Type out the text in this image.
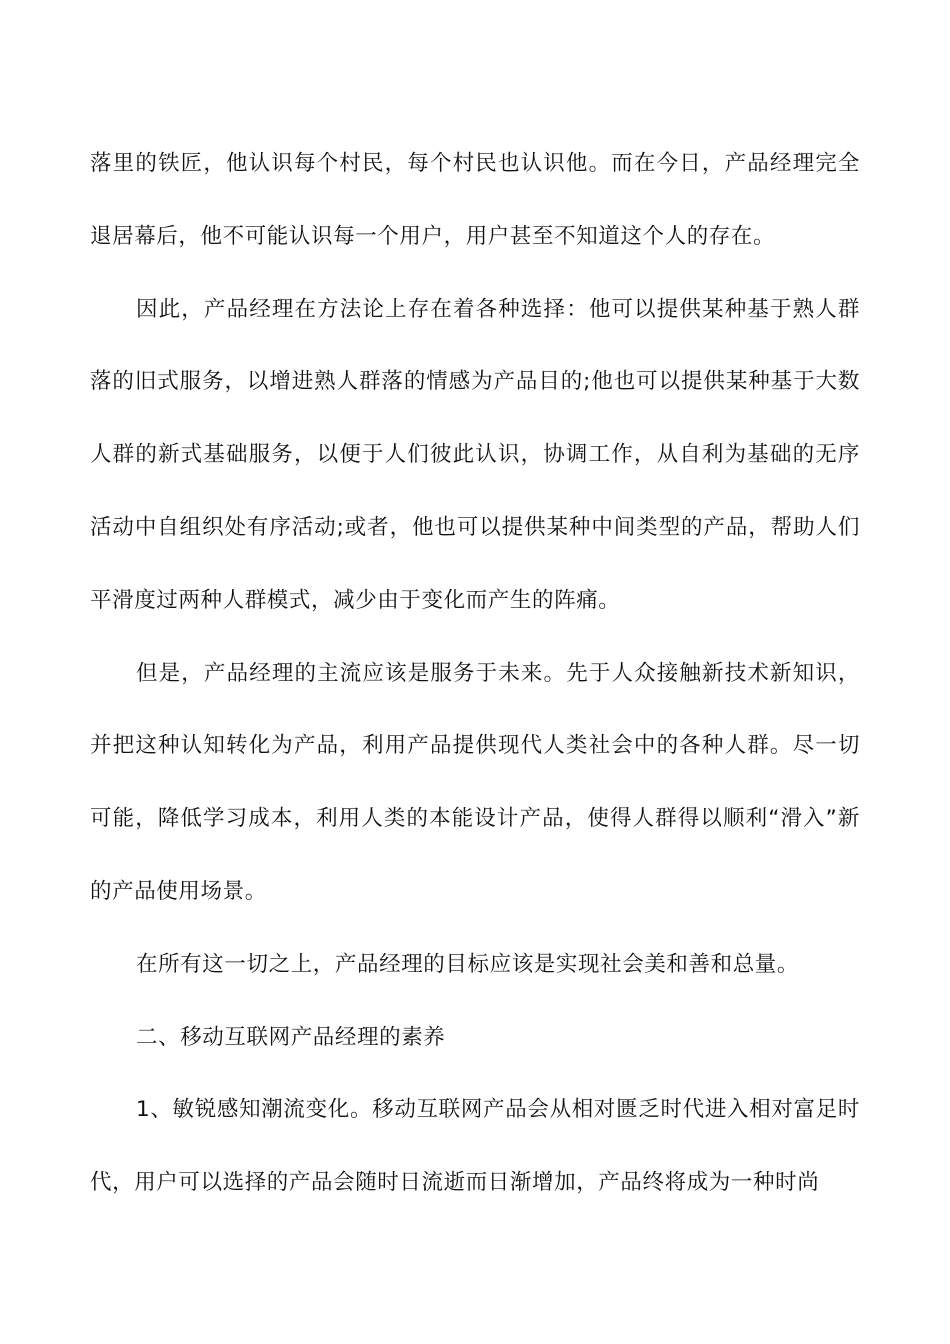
落里的铁匠，他认识每个村民，每个村民也认识他。而在今日，产品经理完全退居幕后，他不可能认识每一个用户，用户甚至不知道这个人的存在。

因此，产品经理在方法论上存在着各种选择：他可以提供某种基于熟人群落的旧式服务，以增进熟人群落的情感为产品目的;他也可以提供某种基于大数人群的新式基础服务，以便于人们彼此认识，协调工作，从自利为基础的无序活动中自组织处有序活动;或者，他也可以提供某种中间类型的产品，帮助人们平滑度过两种人群模式，减少由于变化而产生的阵痛。

但是，产品经理的主流应该是服务于未来。先于人众接触新技术新知识，并把这种认知转化为产品，利用产品提供现代人类社会中的各种人群。尽一切可能，降低学习成本，利用人类的本能设计产品，使得人群得以顺利“滑入”新的产品使用场景。

在所有这一切之上，产品经理的目标应该是实现社会美和善和总量。

二、移动互联网产品经理的素养

1、敏锐感知潮流变化。移动互联网产品会从相对匮乏时代进入相对富足时代，用户可以选择的产品会随时日流逝而日渐增加，产品终将成为一种时尚
